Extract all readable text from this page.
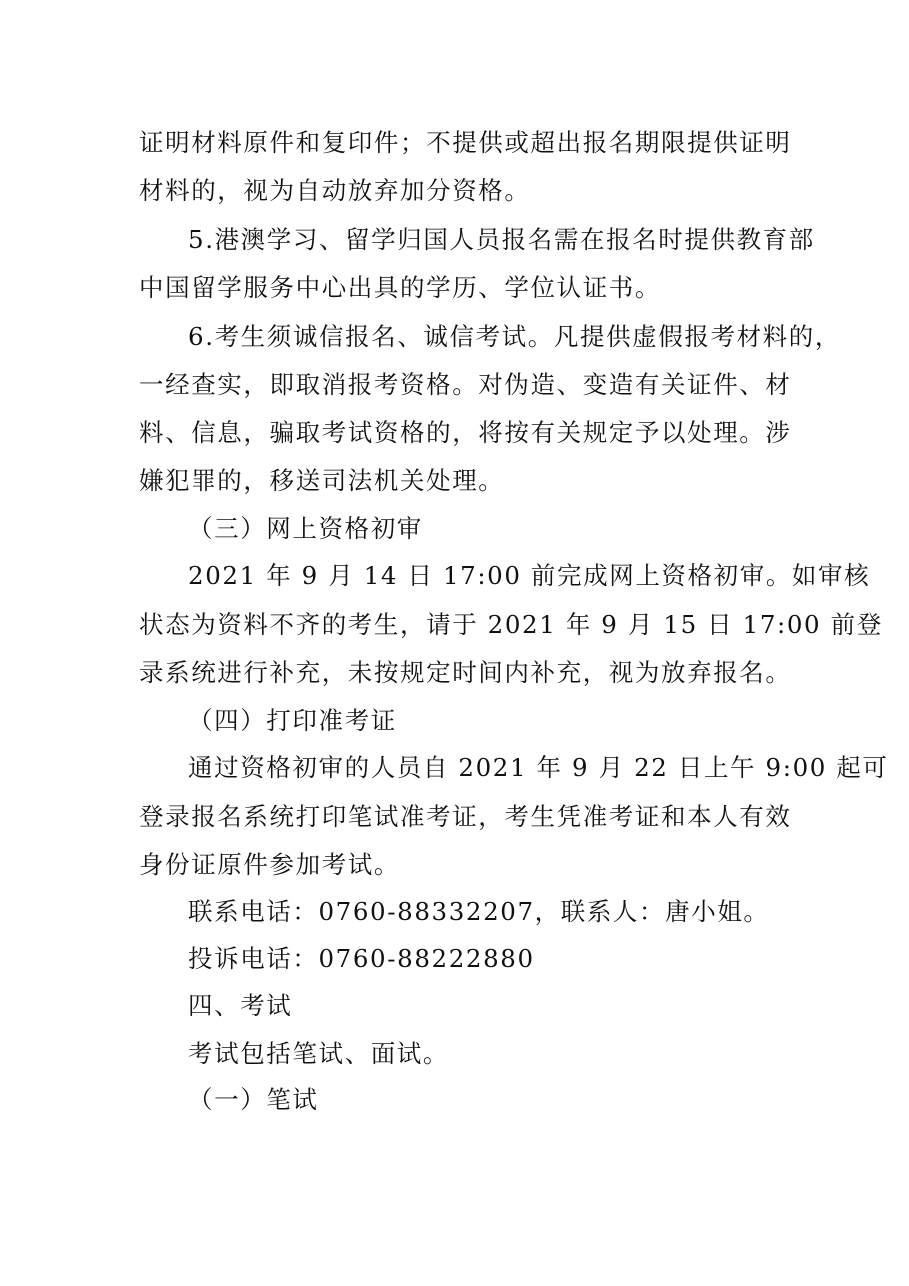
证明材料原件和复印件；不提供或超出报名期限提供证明
材料的，视为自动放弃加分资格。
5.港澳学习、留学归国人员报名需在报名时提供教育部
中国留学服务中心出具的学历、学位认证书。
6.考生须诚信报名、诚信考试。凡提供虚假报考材料的，
一经查实，即取消报考资格。对伪造、变造有关证件、材
料、信息，骗取考试资格的，将按有关规定予以处理。涉
嫌犯罪的，移送司法机关处理。
（三）网上资格初审
2021 年 9 月 14 日 17:00 前完成网上资格初审。如审核
状态为资料不齐的考生，请于 2021 年 9 月 15 日 17:00 前登
录系统进行补充，未按规定时间内补充，视为放弃报名。
（四）打印准考证
通过资格初审的人员自 2021 年 9 月 22 日上午 9:00 起可
登录报名系统打印笔试准考证，考生凭准考证和本人有效
身份证原件参加考试。
联系电话：0760-88332207，联系人：唐小姐。
投诉电话：0760-88222880
四、考试
考试包括笔试、面试。
（一）笔试
